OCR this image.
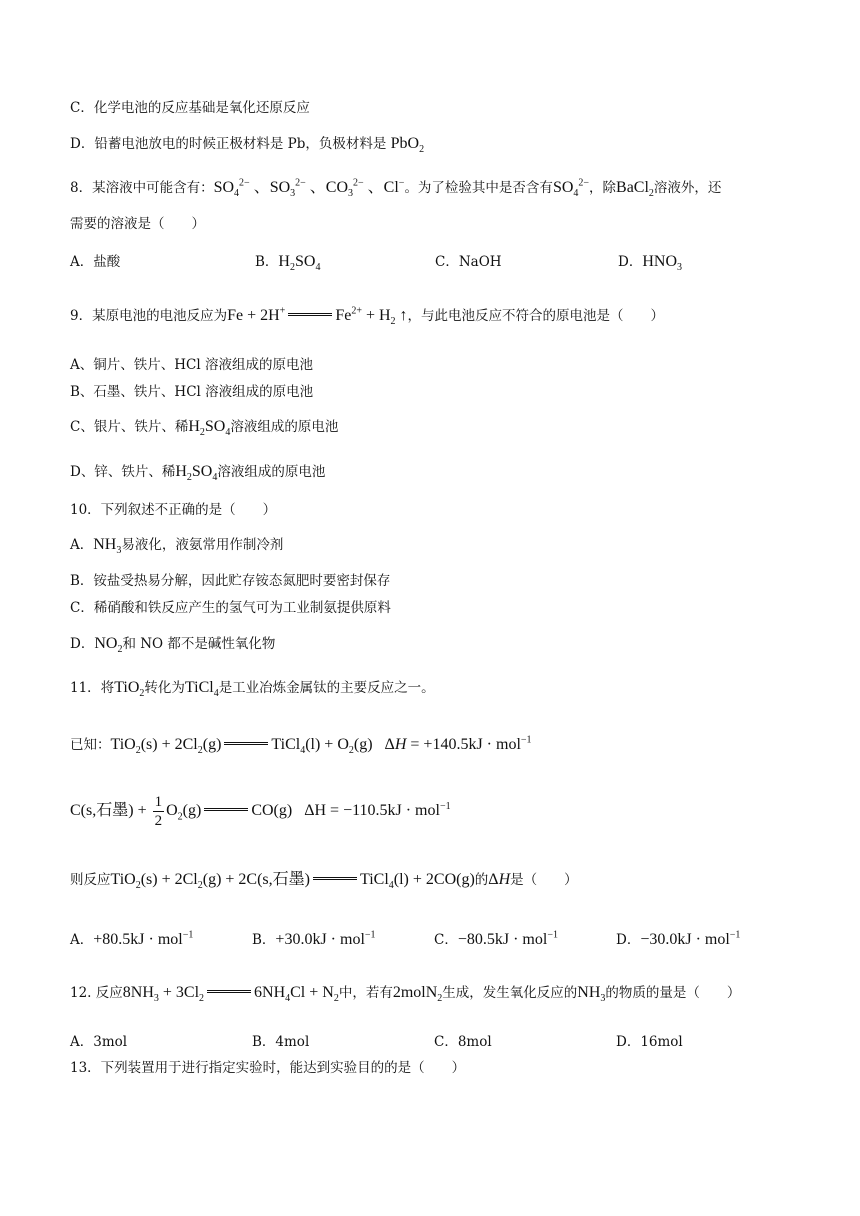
C．化学电池的反应基础是氧化还原反应
D．铅蓄电池放电的时候正极材料是 Pb，负极材料是 PbO$_2$
8．某溶液中可能含有：$SO_4^{2-}$ 、$SO_3^{2-}$ 、$CO_3^{2-}$ 、Cl−。为了检验其中是否含有$SO_4^{2-}$，除BaCl$_2$溶液外，还
需要的溶液是（　　）
A．盐酸	B．$H_2SO_4$	C．NaOH	D．$HNO_3$
9．某原电池的电池反应为Fe + 2H+	$Fe^{2+} + H_2$ ↑，与此电池反应不符合的原电池是（　　）
A、铜片、铁片、HCl 溶液组成的原电池
B、石墨、铁片、HCl 溶液组成的原电池
C、银片、铁片、稀$H_2SO_4$溶液组成的原电池
D、锌、铁片、稀$H_2SO_4$溶液组成的原电池
10．下列叙述不正确的是（　　）
A．$NH_3$易液化，液氨常用作制冷剂
B．铵盐受热易分解，因此贮存铵态氮肥时要密封保存
C．稀硝酸和铁反应产生的氢气可为工业制氨提供原料
D．$NO_2$和 NO 都不是碱性氧化物
11．将TiO$_2$转化为TiCl$_4$是工业冶炼金属钛的主要反应之一。
已知：$TiO_2(s) + 2Cl_2(g)$	TiCl$_4$(l) + $O_2(g) \Delta H = +140.5kJ \cdot mol^{-1}$
C(s,石墨) + $\frac{1}{2} O_2(g)$	CO(g)   ΔH = −110.5kJ · mol$^{-1}$
则反应$TiO_2(s) + 2Cl_2(g) + 2C(s$,石墨)	TiCl$_4$(l) + 2CO(g)的ΔH是（　　）
A．+80.5kJ · mol$^{-1}$	B．+30.0kJ · mol$^{-1}$	C．−80.5kJ · mol$^{-1}$	D．−30.0kJ · mol$^{-1}$
12. 反应$8NH_3 + 3Cl_2$	$6NH_4Cl + N_2$中，若有2molN$_2$生成，发生氧化反应的$NH_3$的物质的量是（　　）
A．3mol	B．4mol	C．8mol	D．16mol
13．下列装置用于进行指定实验时，能达到实验目的的是（　　）
